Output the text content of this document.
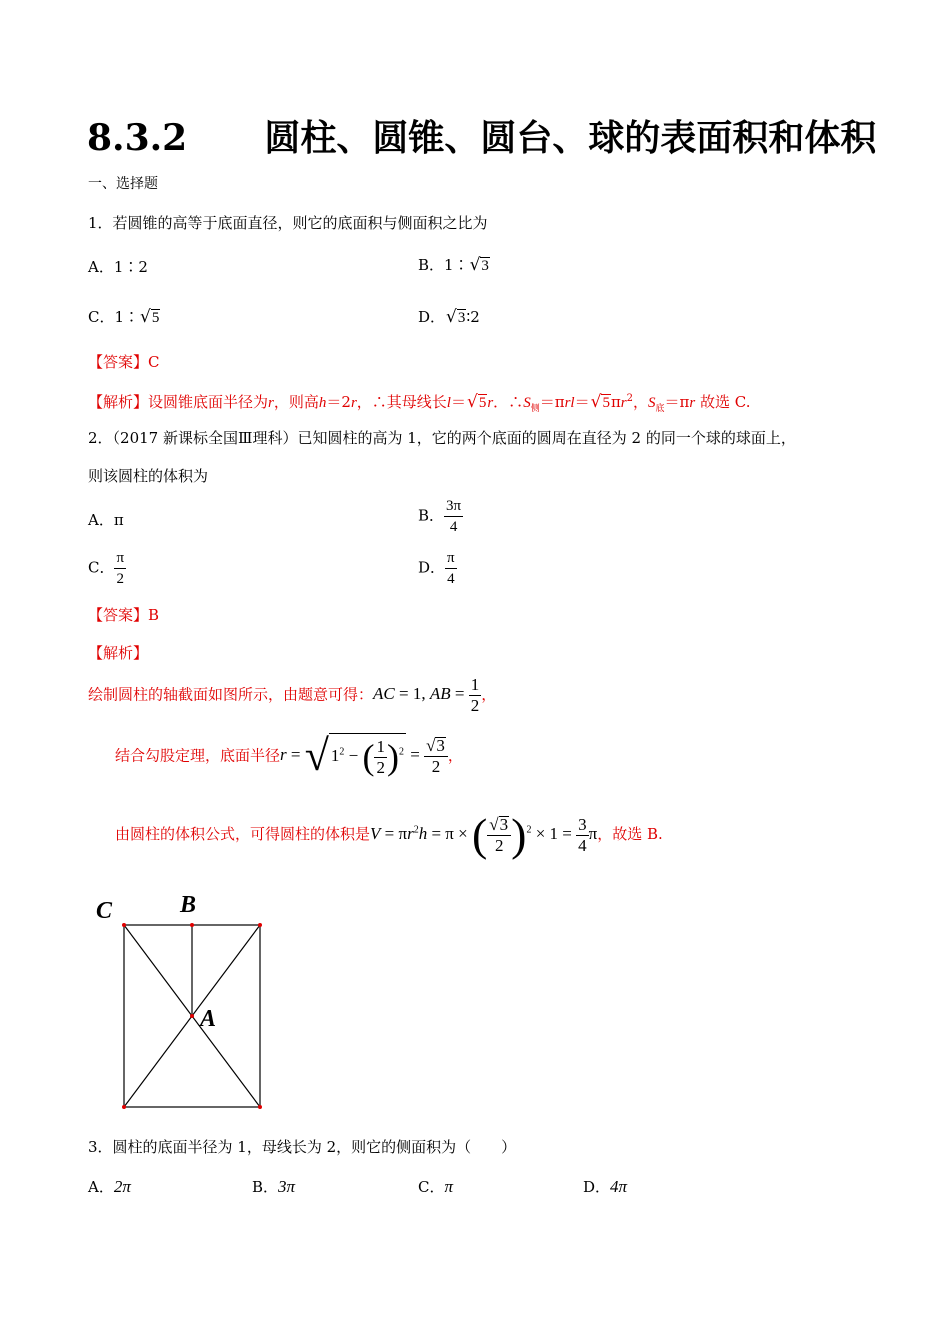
8.3.2 圆柱、圆锥、圆台、球的表面积和体积
一、选择题
1．若圆锥的高等于底面直径，则它的底面积与侧面积之比为
A．1∶2	B．1∶√3
C．1∶√5	D．√3∶2
【答案】C
【解析】设圆锥底面半径为r，则高h＝2r，∴其母线长l＝√5r．$\therefore S_侧=\pi rl=√5\pi r^2$，$S_底=\pi r$ 故选 C.
2．（2017 新课标全国Ⅲ理科）已知圆柱的高为 1，它的两个底面的圆周在直径为 2 的同一个球的球面上，
则该圆柱的体积为
A．π	B． $\frac{3\pi}{4}$
C． $\frac{\pi}{2}$	D． $\frac{\pi}{4}$
【答案】B
【解析】
绘制圆柱的轴截面如图所示，由题意可得：AC = 1, AB = $\frac{1}{2}$ ，
结合勾股定理，底面半径r = √ $1^2$ − ( $\frac{1}{2} )^2 = \frac{√3}{2}$ ，
由圆柱的体积公式，可得圆柱的体积是$V = \pi r^2h = \pi$ × ( $\frac{√3}{2} )^2 \times 1 = \frac{3}{4}$ π，故选 B.
C	B
A
3．圆柱的底面半径为 1，母线长为 2，则它的侧面积为（　　）
A．2π	B．3π	C．π	D．4π
